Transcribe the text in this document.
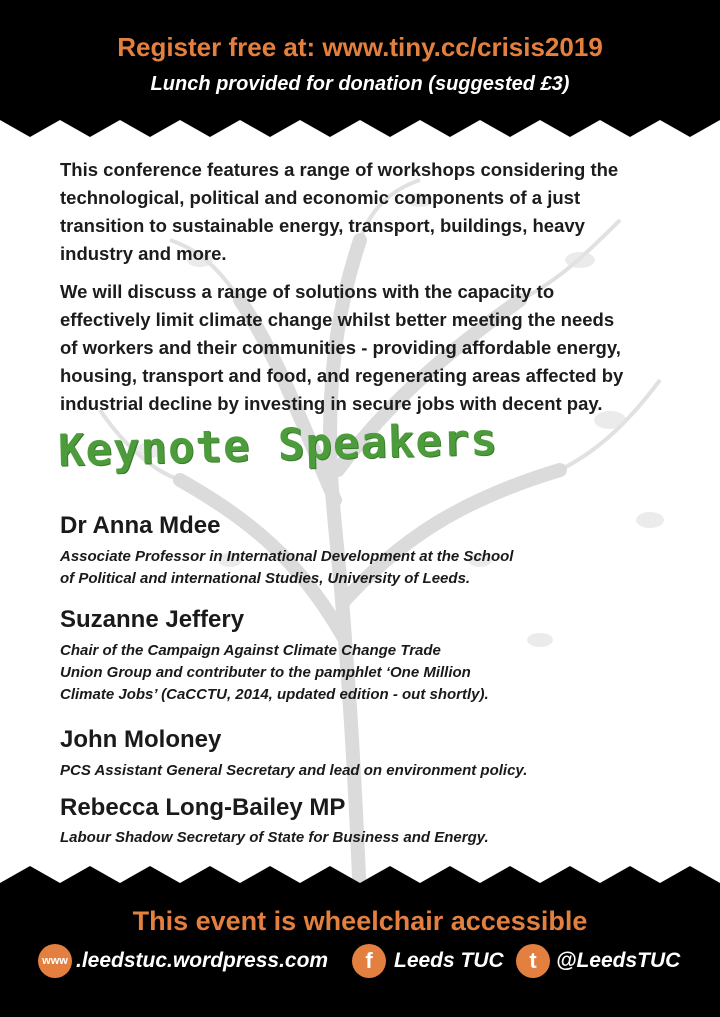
Register free at: www.tiny.cc/crisis2019
Lunch provided for donation (suggested £3)

This conference features a range of workshops considering the
technological, political and economic components of a just
transition to sustainable energy, transport, buildings, heavy
industry and more.

We will discuss a range of solutions with the capacity to
effectively limit climate change whilst better meeting the needs
of workers and their communities - providing affordable energy,
housing, transport and food, and regenerating areas affected by
industrial decline by investing in secure jobs with decent pay.

Keynote Speakers
Dr Anna Mdee

Associate Professor in International Development at the School
of Political and international Studies, University of Leeds.

Suzanne Jeffery

Chair of the Campaign Against Climate Change Trade
Union Group and contributer to the pamphlet ‘One Million
Climate Jobs’ (CaCCTU, 2014, updated edition - out shortly).

John Moloney

PCS Assistant General Secretary and lead on environment policy.

Rebecca Long-Bailey MP

Labour Shadow Secretary of State for Business and Energy.

This event is wheelchair accessible
www .leedstuc.wordpress.com	f	Leeds TUC	t @LeedsTUC
